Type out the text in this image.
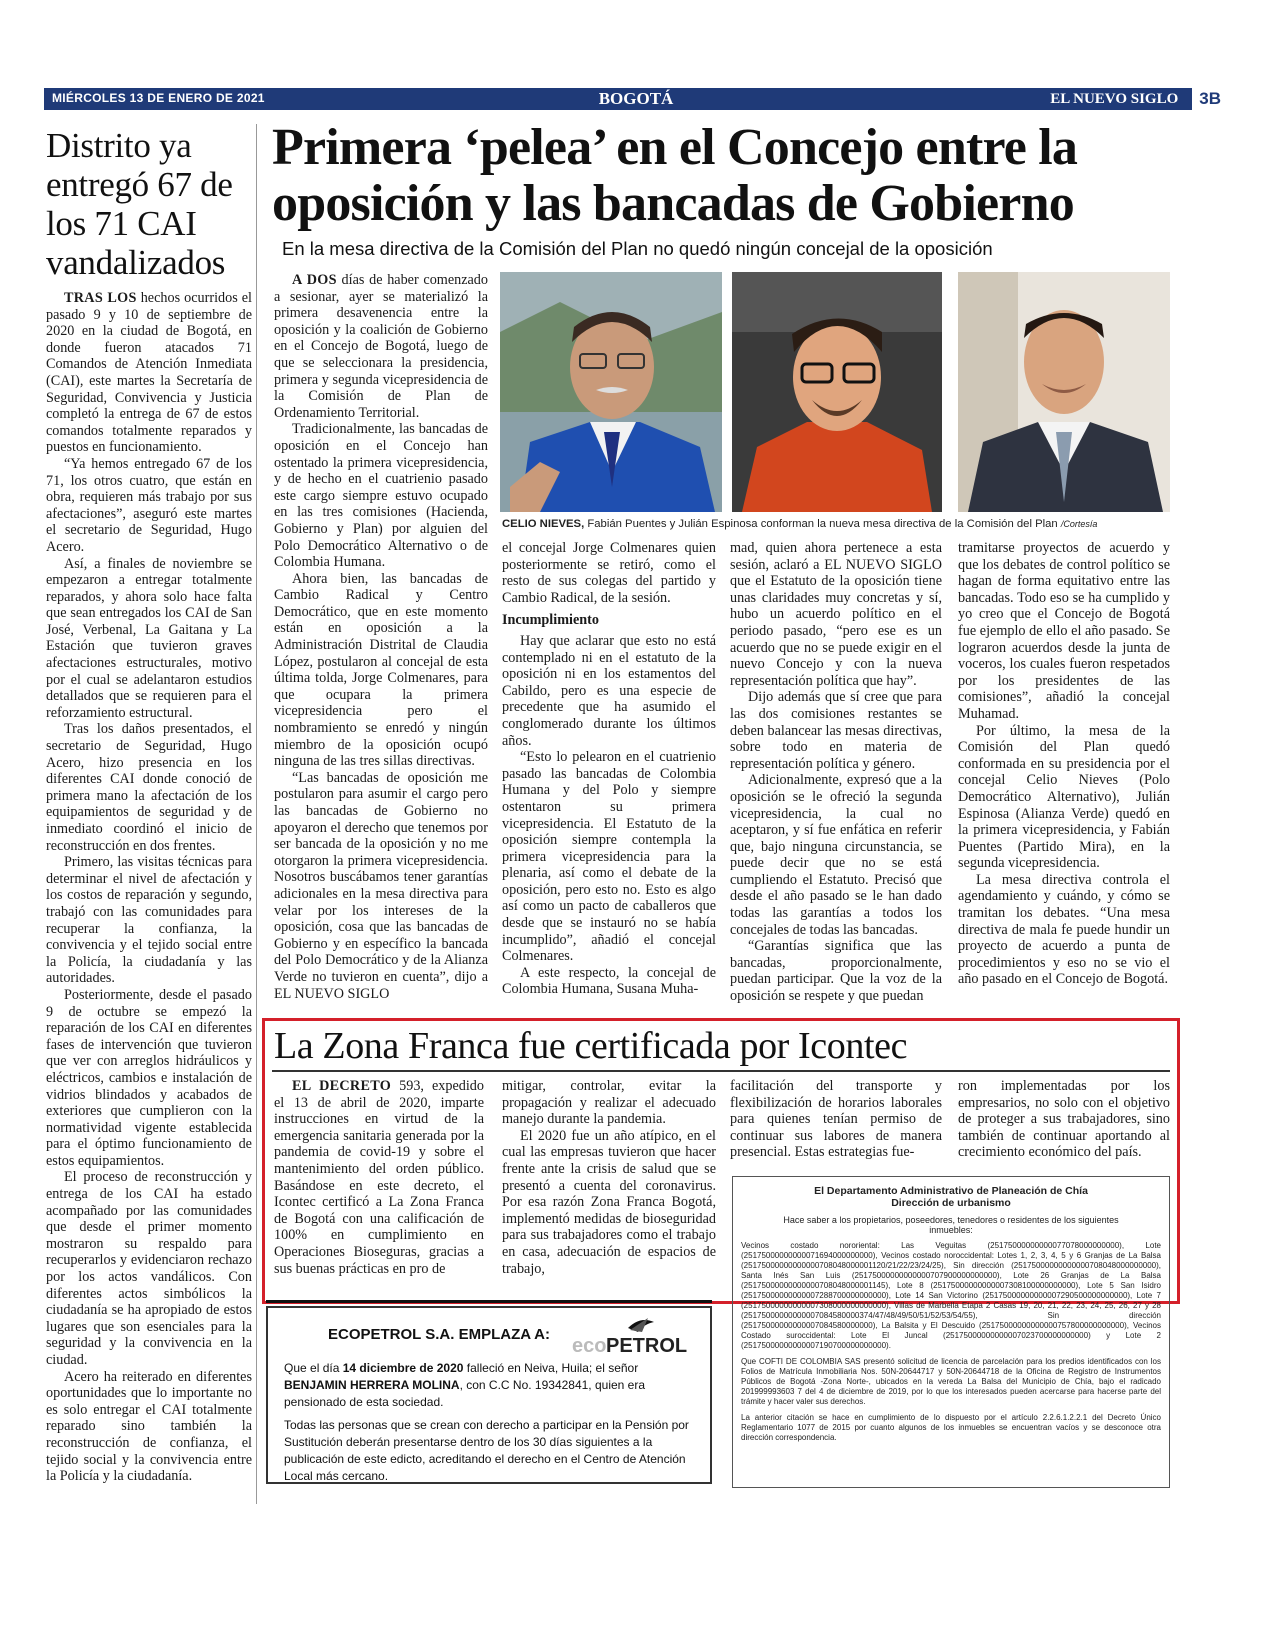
MIÉRCOLES 13 DE ENERO DE 2021	BOGOTÁ	EL NUEVO SIGLO	3B
Distrito ya entregó 67 de los 71 CAI vandalizados

TRAS LOS hechos ocurridos el pasado 9 y 10 de septiembre de 2020 en la ciudad de Bogotá, en donde fueron atacados 71 Comandos de Atención Inmediata (CAI), este martes la Secretaría de Seguridad, Convivencia y Justicia completó la entrega de 67 de estos comandos totalmente reparados y puestos en funcionamiento.

“Ya hemos entregado 67 de los 71, los otros cuatro, que están en obra, requieren más trabajo por sus afectaciones”, aseguró este martes el secretario de Seguridad, Hugo Acero.

Así, a finales de noviembre se empezaron a entregar totalmente reparados, y ahora solo hace falta que sean entregados los CAI de San José, Verbenal, La Gaitana y La Estación que tuvieron graves afectaciones estructurales, motivo por el cual se adelantaron estudios detallados que se requieren para el reforzamiento estructural.

Tras los daños presentados, el secretario de Seguridad, Hugo Acero, hizo presencia en los diferentes CAI donde conoció de primera mano la afectación de los equipamientos de seguridad y de inmediato coordinó el inicio de reconstrucción en dos frentes.

Primero, las visitas técnicas para determinar el nivel de afectación y los costos de reparación y segundo, trabajó con las comunidades para recuperar la confianza, la convivencia y el tejido social entre la Policía, la ciudadanía y las autoridades.

Posteriormente, desde el pasado 9 de octubre se empezó la reparación de los CAI en diferentes fases de intervención que tuvieron que ver con arreglos hidráulicos y eléctricos, cambios e instalación de vidrios blindados y acabados de exteriores que cumplieron con la normatividad vigente establecida para el óptimo funcionamiento de estos equipamientos.

El proceso de reconstrucción y entrega de los CAI ha estado acompañado por las comunidades que desde el primer momento mostraron su respaldo para recuperarlos y evidenciaron rechazo por los actos vandálicos. Con diferentes actos simbólicos la ciudadanía se ha apropiado de estos lugares que son esenciales para la seguridad y la convivencia en la ciudad.

Acero ha reiterado en diferentes oportunidades que lo importante no es solo entregar el CAI totalmente reparado sino también la reconstrucción de confianza, el tejido social y la convivencia entre la Policía y la ciudadanía.

Primera ‘pelea’ en el Concejo entre la oposición y las bancadas de Gobierno
En la mesa directiva de la Comisión del Plan no quedó ningún concejal de la oposición

A DOS días de haber comenzado a sesionar, ayer se materializó la primera desavenencia entre la oposición y la coalición de Gobierno en el Concejo de Bogotá, luego de que se seleccionara la presidencia, primera y segunda vicepresidencia de la Comisión de Plan de Ordenamiento Territorial.

Tradicionalmente, las bancadas de oposición en el Concejo han ostentado la primera vicepresidencia, y de hecho en el cuatrienio pasado este cargo siempre estuvo ocupado en las tres comisiones (Hacienda, Gobierno y Plan) por alguien del Polo Democrático Alternativo o de Colombia Humana.

Ahora bien, las bancadas de Cambio Radical y Centro Democrático, que en este momento están en oposición a la Administración Distrital de Claudia López, postularon al concejal de esta última tolda, Jorge Colmenares, para que ocupara la primera vicepresidencia pero el nombramiento se enredó y ningún miembro de la oposición ocupó ninguna de las tres sillas directivas.

“Las bancadas de oposición me postularon para asumir el cargo pero las bancadas de Gobierno no apoyaron el derecho que tenemos por ser bancada de la oposición y no me otorgaron la primera vicepresidencia. Nosotros buscábamos tener garantías adicionales en la mesa directiva para velar por los intereses de la oposición, cosa que las bancadas de Gobierno y en específico la bancada del Polo Democrático y de la Alianza Verde no tuvieron en cuenta”, dijo a EL NUEVO SIGLO

CELIO NIEVES, Fabián Puentes y Julián Espinosa conforman la nueva mesa directiva de la Comisión del Plan /Cortesía

el concejal Jorge Colmenares quien posteriormente se retiró, como el resto de sus colegas del partido y Cambio Radical, de la sesión.

Incumplimiento

Hay que aclarar que esto no está contemplado ni en el estatuto de la oposición ni en los estamentos del Cabildo, pero es una especie de precedente que ha asumido el conglomerado durante los últimos años.

“Esto lo pelearon en el cuatrienio pasado las bancadas de Colombia Humana y del Polo y siempre ostentaron su primera vicepresidencia. El Estatuto de la oposición siempre contempla la primera vicepresidencia para la plenaria, así como el debate de la oposición, pero esto no. Esto es algo así como un pacto de caballeros que desde que se instauró no se había incumplido”, añadió el concejal Colmenares.

A este respecto, la concejal de Colombia Humana, Susana Muha-

mad, quien ahora pertenece a esta sesión, aclaró a EL NUEVO SIGLO que el Estatuto de la oposición tiene unas claridades muy concretas y sí, hubo un acuerdo político en el periodo pasado, “pero ese es un acuerdo que no se puede exigir en el nuevo Concejo y con la nueva representación política que hay”.

Dijo además que sí cree que para las dos comisiones restantes se deben balancear las mesas directivas, sobre todo en materia de representación política y género.

Adicionalmente, expresó que a la oposición se le ofreció la segunda vicepresidencia, la cual no aceptaron, y sí fue enfática en referir que, bajo ninguna circunstancia, se puede decir que no se está cumpliendo el Estatuto. Precisó que desde el año pasado se le han dado todas las garantías a todos los concejales de todas las bancadas.

“Garantías significa que las bancadas, proporcionalmente, puedan participar. Que la voz de la oposición se respete y que puedan

tramitarse proyectos de acuerdo y que los debates de control político se hagan de forma equitativo entre las bancadas. Todo eso se ha cumplido y yo creo que el Concejo de Bogotá fue ejemplo de ello el año pasado. Se lograron acuerdos desde la junta de voceros, los cuales fueron respetados por los presidentes de las comisiones”, añadió la concejal Muhamad.

Por último, la mesa de la Comisión del Plan quedó conformada en su presidencia por el concejal Celio Nieves (Polo Democrático Alternativo), Julián Espinosa (Alianza Verde) quedó en la primera vicepresidencia, y Fabián Puentes (Partido Mira), en la segunda vicepresidencia.

La mesa directiva controla el agendamiento y cuándo, y cómo se tramitan los debates. “Una mesa directiva de mala fe puede hundir un proyecto de acuerdo a punta de procedimientos y eso no se vio el año pasado en el Concejo de Bogotá.

La Zona Franca fue certificada por Icontec

EL DECRETO 593, expedido el 13 de abril de 2020, imparte instrucciones en virtud de la emergencia sanitaria generada por la pandemia de covid-19 y sobre el mantenimiento del orden público. Basándose en este decreto, el Icontec certificó a La Zona Franca de Bogotá con una calificación de 100% en cumplimiento en Operaciones Bioseguras, gracias a sus buenas prácticas en pro de

mitigar, controlar, evitar la propagación y realizar el adecuado manejo durante la pandemia.

El 2020 fue un año atípico, en el cual las empresas tuvieron que hacer frente ante la crisis de salud que se presentó a cuenta del coronavirus. Por esa razón Zona Franca Bogotá, implementó medidas de bioseguridad para sus trabajadores como el trabajo en casa, adecuación de espacios de trabajo,

facilitación del transporte y flexibilización de horarios laborales para quienes tenían permiso de continuar sus labores de manera presencial. Estas estrategias fue-

ron implementadas por los empresarios, no solo con el objetivo de proteger a sus trabajadores, sino también de continuar aportando al crecimiento económico del país.

El Departamento Administrativo de Planeación de Chía
Dirección de urbanismo
Hace saber a los propietarios, poseedores, tenedores o residentes de los siguientes inmuebles:
Vecinos costado nororiental: Las Veguitas (25175000000000077078000000000), Lote (25175000000000071694000000000), Vecinos costado noroccidental: Lotes 1, 2, 3, 4, 5 y 6 Granjas de La Balsa (25175000000000000708048000001120/21/22/23/24/25), Sin dirección (25175000000000000708048000000000), Santa Inés San Luis (25175000000000000707900000000000), Lote 26 Granjas de La Balsa (25175000000000000708048000001145), Lote 8 (25175000000000007308100000000000), Lote 5 San Isidro (25175000000000007288700000000000), Lote 14 San Victorino (25175000000000007290500000000000), Lote 7 (25175000000000007308000000000000), Villas de Marbella Etapa 2 Casas 19, 20, 21, 22, 23, 24, 25, 26, 27 y 28 (25175000000000007084580000374/47/48/49/50/51/52/53/54/55), Sin dirección (25175000000000007084580000000), La Balsita y El Descuido (25175000000000000757800000000000), Vecinos Costado suroccidental: Lote El Juncal (25175000000000007023700000000000) y Lote 2 (25175000000000007190700000000000).
Que COFTI DE COLOMBIA SAS presentó solicitud de licencia de parcelación para los predios identificados con los Folios de Matrícula Inmobiliaria Nos. 50N-20644717 y 50N-20644718 de la Oficina de Registro de Instrumentos Públicos de Bogotá -Zona Norte-, ubicados en la vereda La Balsa del Municipio de Chía, bajo el radicado 201999993603 7 del 4 de diciembre de 2019, por lo que los interesados pueden acercarse para hacerse parte del trámite y hacer valer sus derechos.
La anterior citación se hace en cumplimiento de lo dispuesto por el artículo 2.2.6.1.2.2.1 del Decreto Único Reglamentario 1077 de 2015 por cuanto algunos de los inmuebles se encuentran vacíos y se desconoce otra dirección correspondencia.
ECOPETROL S.A. EMPLAZA A:
eco PETROL

Que el día 14 diciembre de 2020 falleció en Neiva, Huila; el señor BENJAMIN HERRERA MOLINA, con C.C No. 19342841, quien era pensionado de esta sociedad.

Todas las personas que se crean con derecho a participar en la Pensión por Sustitución deberán presentarse dentro de los 30 días siguientes a la publicación de este edicto, acreditando el derecho en el Centro de Atención Local más cercano.
